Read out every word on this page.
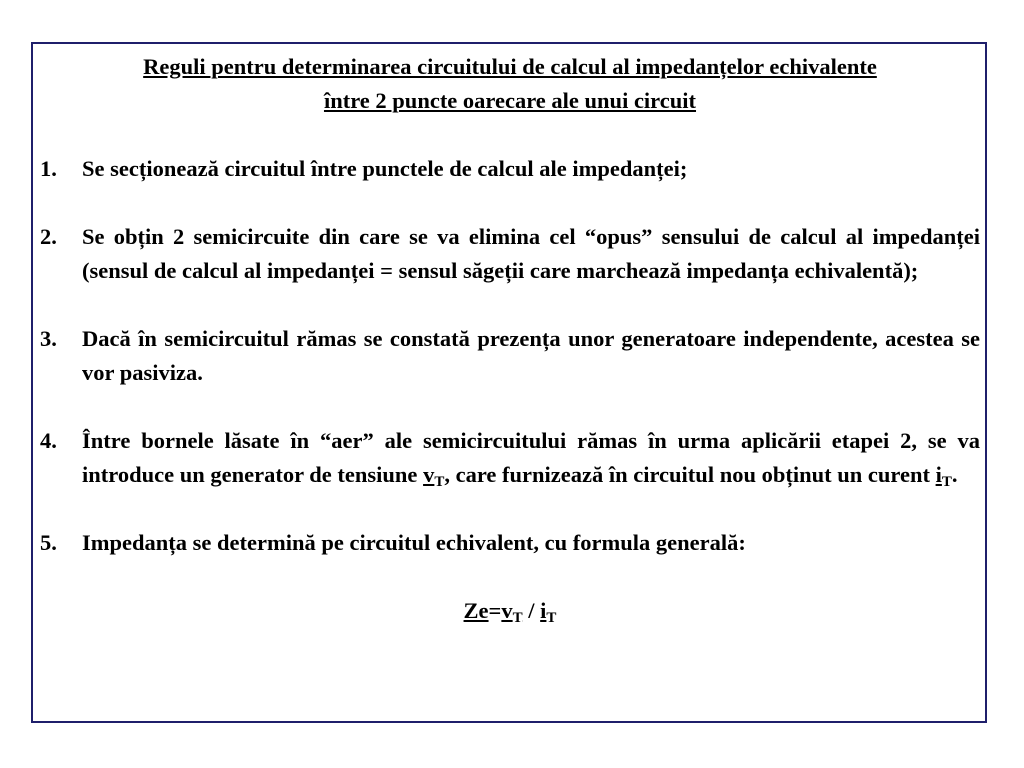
Reguli pentru determinarea circuitului de calcul al impedanțelor echivalente
între 2 puncte oarecare ale unui circuit

1. Se secționează circuitul între punctele de calcul ale impedanței;

2. Se obțin 2 semicircuite din care se va elimina cel “opus” sensului de calcul al impedanței (sensul de calcul al impedanței = sensul săgeții care marchează impedanța echivalentă);

3. Dacă în semicircuitul rămas se constată prezența unor generatoare independente, acestea se vor pasiviza.

4. Între bornele lăsate în “aer” ale semicircuitului rămas în urma aplicării etapei 2, se va introduce un generator de tensiune $v_T$, care furnizează în circuitul nou obținut un curent $i_T$.

5. Impedanța se determină pe circuitul echivalent, cu formula generală:

$Ze=v_T / i_T$
